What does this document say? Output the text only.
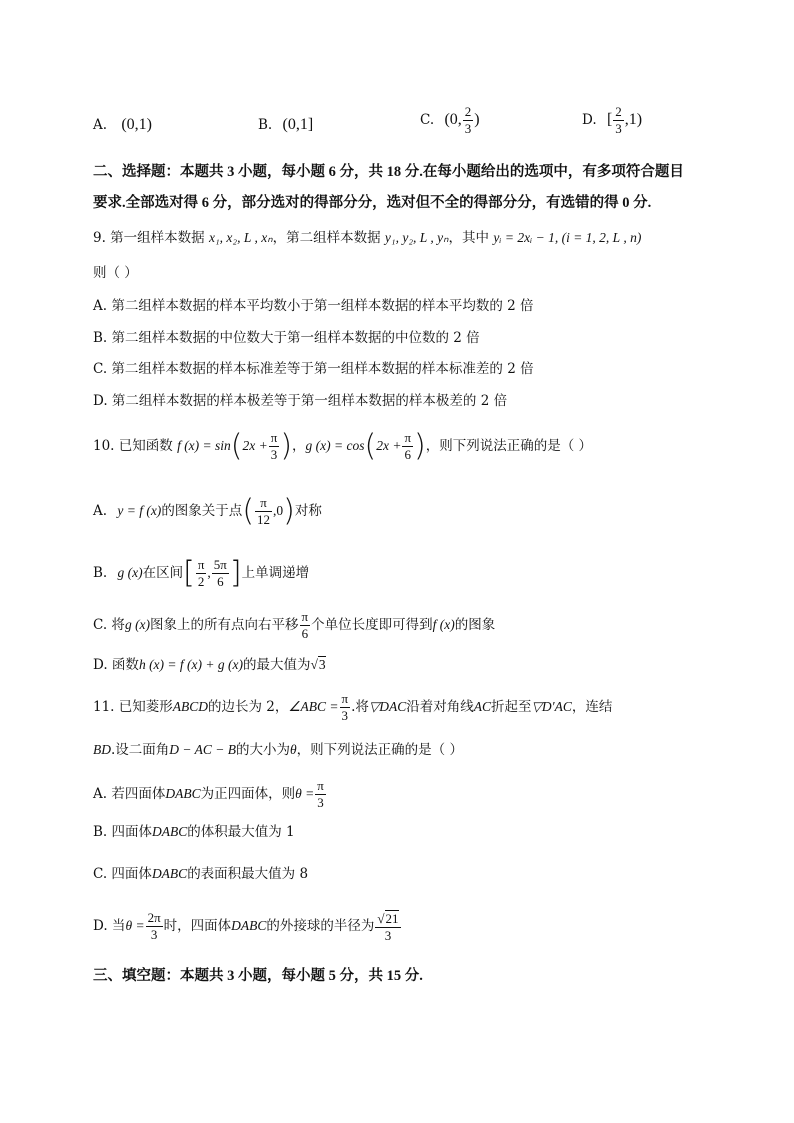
A. (0,1)	B. (0,1]	C. (0, $\frac{2}{3}$ )	D. [ $\frac{2}{3} ,1$)
二、选择题：本题共 3 小题，每小题 6 分，共 18 分.在每小题给出的选项中，有多项符合题目
要求.全部选对得 6 分，部分选对的得部分分，选对但不全的得部分分，有选错的得 0 分.
9. 第一组样本数据 x₁, x₂, L , xₙ，第二组样本数据 y₁, y₂, L , yₙ，其中 yᵢ = 2xᵢ − 1, (i = 1, 2, L , n)
则（ ）
A. 第二组样本数据的样本平均数小于第一组样本数据的样本平均数的 2 倍
B. 第二组样本数据的中位数大于第一组样本数据的中位数的 2 倍
C. 第二组样本数据的样本标准差等于第一组样本数据的样本标准差的 2 倍
D. 第二组样本数据的样本极差等于第一组样本数据的样本极差的 2 倍
10. 已知函数 f $(x) = \sin(2x + \frac{\pi}{3}$ )，g $(x) = \cos(2x + \frac{\pi}{6}$ )，则下列说法正确的是（ ）
A. y = f (x)的图象关于点( $\frac{\pi}{12} ,0$)对称
B. g (x)在区间[ $\frac{\pi}{2}$ , $\frac{5\pi}{6}$ ]上单调递增
C. 将g (x)图象上的所有点向右平移 $\frac{\pi}{6}$ 个单位长度即可得到f (x)的图象
D. 函数h (x) = f (x) + g (x)的最大值为√3
11. 已知菱形ABCD的边长为 2，∠ABC = $\frac{\pi}{3}$ .将▽DAC沿着对角线AC折起至▽D′AC，连结
BD.设二面角D − AC − B的大小为θ，则下列说法正确的是（ ）
A. 若四面体DABC为正四面体，则$\theta = \frac{\pi}{3}$
B. 四面体DABC的体积最大值为 1
C. 四面体DABC的表面积最大值为 8
D. 当$\theta = \frac{2\pi}{3}$ 时，四面体DABC的外接球的半径为 $\frac{√21}{3}$
三、填空题：本题共 3 小题，每小题 5 分，共 15 分.
